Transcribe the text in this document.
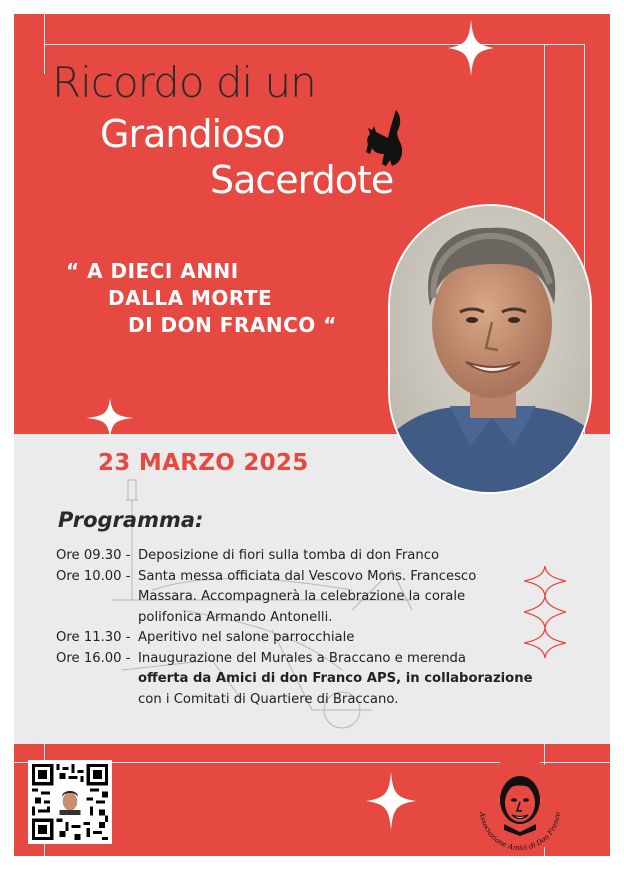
Ricordo di un
Grandioso
Sacerdote
“ A DIECI ANNI
DALLA MORTE
DI DON FRANCO “
23 MARZO 2025
Programma:
Ore 09.30 - Deposizione di fiori sulla tomba di don Franco
Ore 10.00 - Santa messa officiata dal Vescovo Mons. Francesco
Massara. Accompagnerà la celebrazione la corale
polifonica Armando Antonelli.
Ore 11.30 - Aperitivo nel salone parrocchiale
Ore 16.00 - Inaugurazione del Murales a Braccano e merenda
offerta da Amici di don Franco APS, in collaborazione
con i Comitati di Quartiere di Braccano.
Associazione Amici di Don Franco
